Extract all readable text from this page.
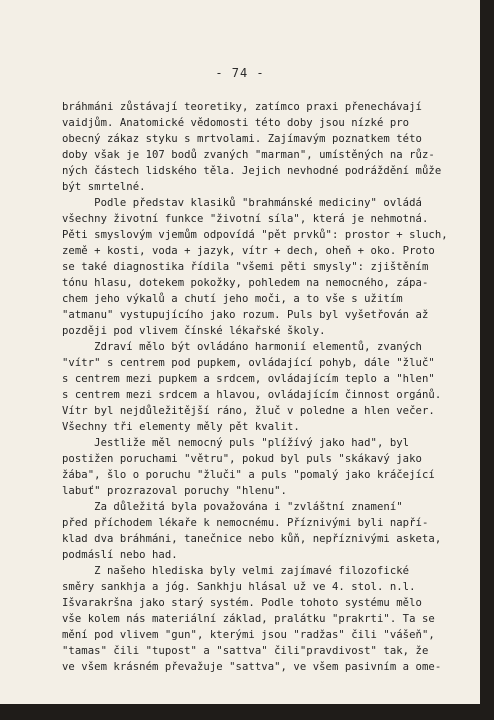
- 74 -
bráhmáni zůstávají teoretiky, zatímco praxi přenechávají
vaidjům. Anatomické vědomosti této doby jsou nízké pro
obecný zákaz styku s mrtvolami. Zajímavým poznatkem této
doby však je 107 bodů zvaných "marman", umístěných na růz-
ných částech lidského těla. Jejich nevhodné podráždění může
být smrtelné.
Podle představ klasiků "brahmánské mediciny" ovládá
všechny životní funkce "životní síla", která je nehmotná.
Pěti smyslovým vjemům odpovídá "pět prvků": prostor + sluch,
země + kosti, voda + jazyk, vítr + dech, oheň + oko. Proto
se také diagnostika řídila "všemi pěti smysly": zjištěním
tónu hlasu, dotekem pokožky, pohledem na nemocného, zápa-
chem jeho výkalů a chutí jeho moči, a to vše s užitím
"atmanu" vystupujícího jako rozum. Puls byl vyšetřován až
později pod vlivem čínské lékařské školy.
Zdraví mělo být ovládáno harmonií elementů, zvaných
"vítr" s centrem pod pupkem, ovládající pohyb, dále "žluč"
s centrem mezi pupkem a srdcem, ovládajícím teplo a "hlen"
s centrem mezi srdcem a hlavou, ovládajícím činnost orgánů.
Vítr byl nejdůležitější ráno, žluč v poledne a hlen večer.
Všechny tři elementy měly pět kvalit.
Jestliže měl nemocný puls "plížívý jako had", byl
postižen poruchami "větru", pokud byl puls "skákavý jako
žába", šlo o poruchu "žluči" a puls "pomalý jako kráčející
labuť" prozrazoval poruchy "hlenu".
Za důležitá byla považována i "zvláštní znamení"
před příchodem lékaře k nemocnému. Příznivými byli napří-
klad dva bráhmáni, tanečnice nebo kůň, nepříznivými asketa,
podmáslí nebo had.
Z našeho hlediska byly velmi zajímavé filozofické
směry sankhja a jóg. Sankhju hlásal už ve 4. stol. n.l.
Išvarakršna jako starý systém. Podle tohoto systému mělo
vše kolem nás materiální základ, pralátku "prakrti". Ta se
mění pod vlivem "gun", kterými jsou "radžas" čili "vášeň",
"tamas" čili "tupost" a "sattva" čili"pravdivost" tak, že
ve všem krásném převažuje "sattva", ve všem pasivním a ome-
